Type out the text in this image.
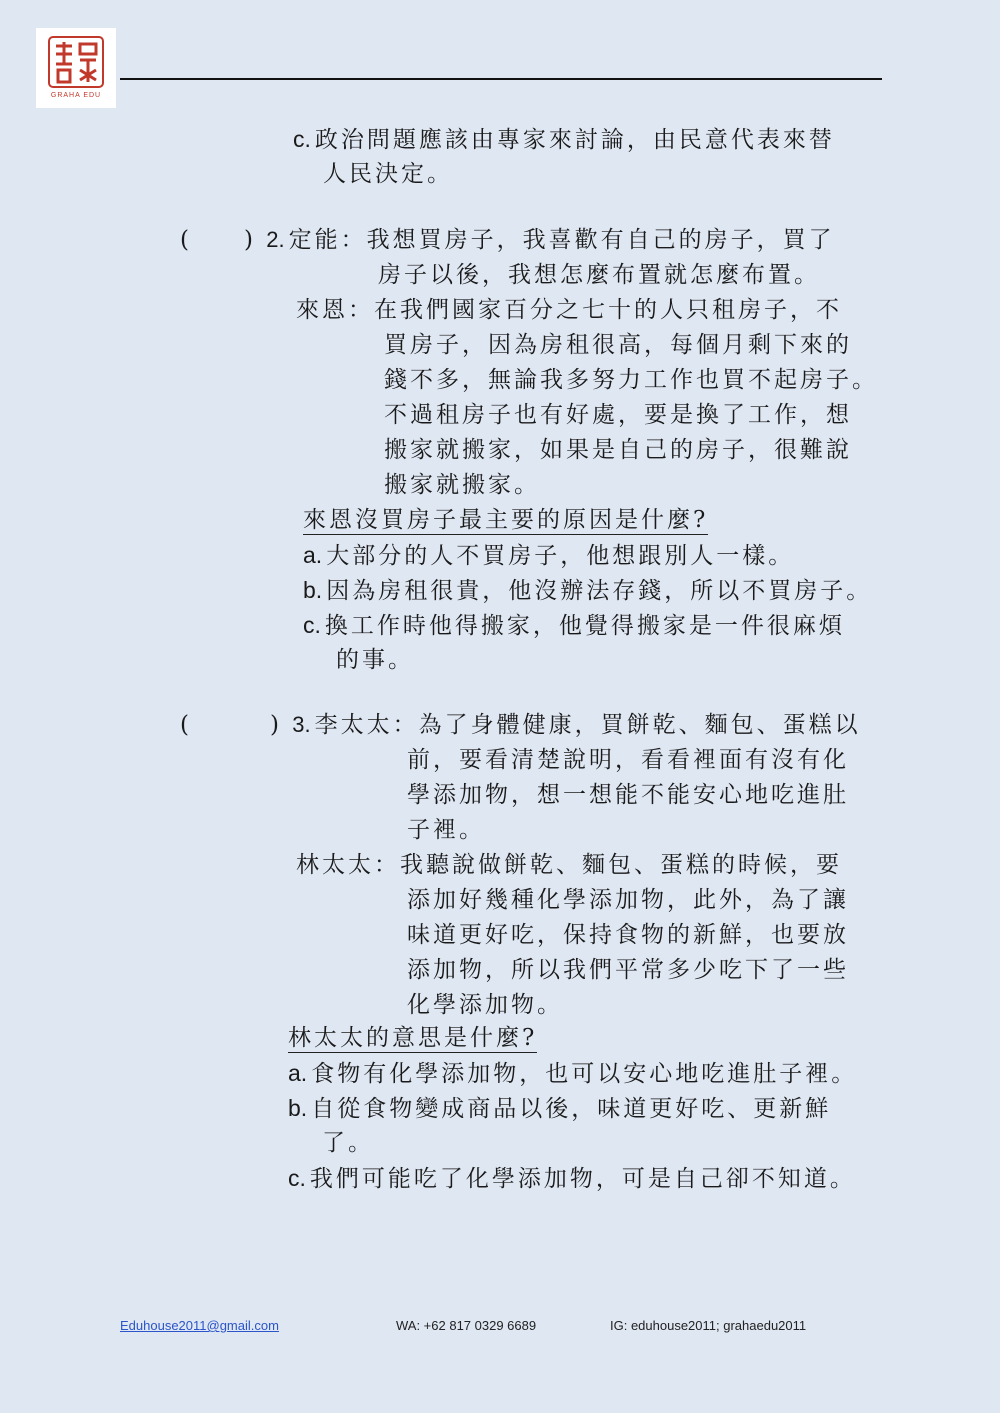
GRAHA EDU
c. 政治問題應該由專家來討論，由民意代表來替
人民決定。
(　　) 2. 定能：我想買房子，我喜歡有自己的房子，買了
房子以後，我想怎麼布置就怎麼布置。
來恩：在我們國家百分之七十的人只租房子，不
買房子，因為房租很高，每個月剩下來的
錢不多，無論我多努力工作也買不起房子。
不過租房子也有好處，要是換了工作，想
搬家就搬家，如果是自己的房子，很難說
搬家就搬家。
來恩沒買房子最主要的原因是什麼?
a. 大部分的人不買房子，他想跟別人一樣。
b. 因為房租很貴，他沒辦法存錢，所以不買房子。
c. 換工作時他得搬家，他覺得搬家是一件很麻煩
的事。
(　　　) 3. 李太太：為了身體健康，買餅乾、麵包、蛋糕以
前，要看清楚說明，看看裡面有沒有化
學添加物，想一想能不能安心地吃進肚
子裡。
林太太：我聽說做餅乾、麵包、蛋糕的時候，要
添加好幾種化學添加物，此外，為了讓
味道更好吃，保持食物的新鮮，也要放
添加物，所以我們平常多少吃下了一些
化學添加物。
林太太的意思是什麼?
a. 食物有化學添加物，也可以安心地吃進肚子裡。
b. 自從食物變成商品以後，味道更好吃、更新鮮
了。
c. 我們可能吃了化學添加物，可是自己卻不知道。
Eduhouse2011@gmail.com	WA: +62 817 0329 6689	IG: eduhouse2011; grahaedu2011
